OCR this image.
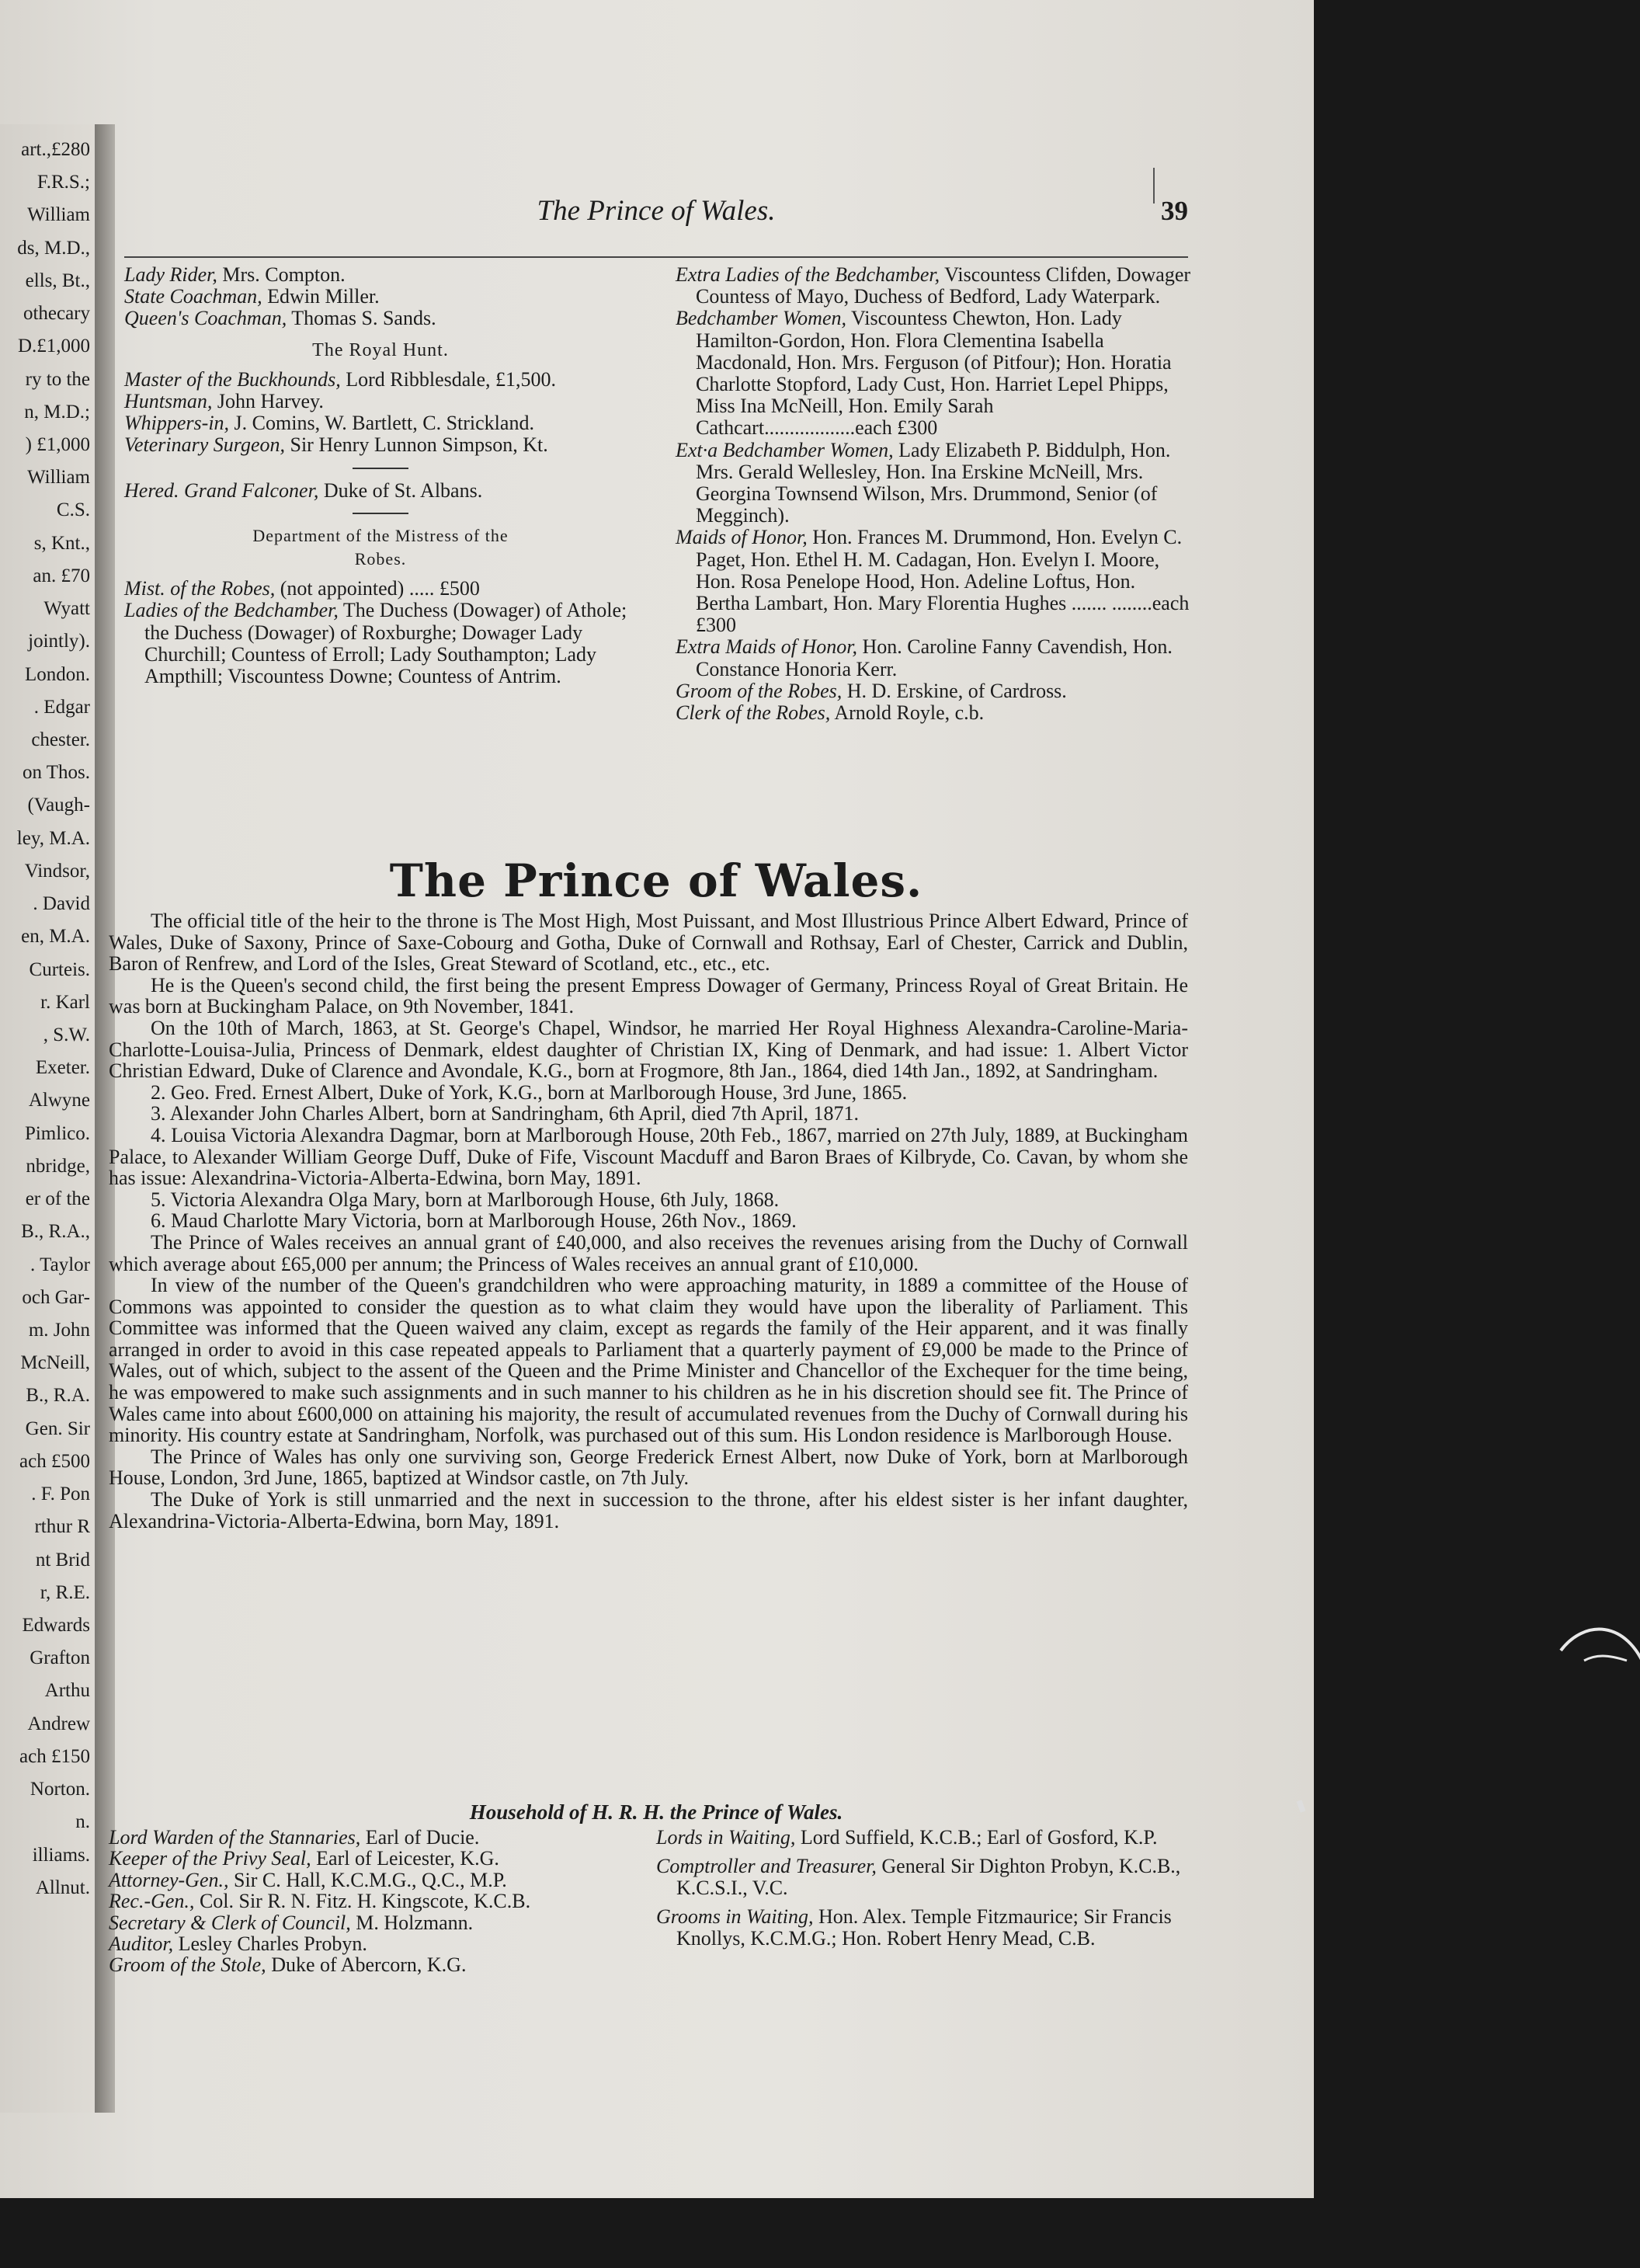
art.,£280
F.R.S.;
William
ds, M.D.,
ells, Bt.,
othecary
D.£1,000
ry to the
n, M.D.;
) £1,000
William
C.S.
s, Knt.,
an. £70
Wyatt
jointly).
London.
. Edgar
chester.
on Thos.
(Vaugh-
ley, M.A.
Vindsor,
. David
en, M.A.
Curteis.
r. Karl
, S.W.
Exeter.
Alwyne
Pimlico.
nbridge,
er of the
B., R.A.,
. Taylor
och Gar-
m. John
McNeill,
B., R.A.
Gen. Sir
ach £500
. F. Pon
rthur R
nt Brid
r, R.E.
Edwards
Grafton
Arthu
Andrew
ach £150
Norton.
n.
illiams.
Allnut.
The Prince of Wales.	39

Lady Rider, Mrs. Compton.

State Coachman, Edwin Miller.

Queen's Coachman, Thomas S. Sands.

The Royal Hunt.

Master of the Buckhounds, Lord Ribblesdale, £1,500.

Huntsman, John Harvey.

Whippers-in, J. Comins, W. Bartlett, C. Strickland.

Veterinary Surgeon, Sir Henry Lunnon Simpson, Kt.

Hered. Grand Falconer, Duke of St. Albans.

Department of the Mistress of the

Robes.

Mist. of the Robes, (not appointed) ..... £500

Ladies of the Bedchamber, The Duchess (Dowager) of Athole; the Duchess (Dowager) of Roxburghe; Dowager Lady Churchill; Countess of Erroll; Lady Southampton; Lady Ampthill; Viscountess Downe; Countess of Antrim.

Extra Ladies of the Bedchamber, Viscountess Clifden, Dowager Countess of Mayo, Duchess of Bedford, Lady Waterpark.

Bedchamber Women, Viscountess Chewton, Hon. Lady Hamilton-Gordon, Hon. Flora Clementina Isabella Macdonald, Hon. Mrs. Ferguson (of Pitfour); Hon. Horatia Charlotte Stopford, Lady Cust, Hon. Harriet Lepel Phipps, Miss Ina McNeill, Hon. Emily Sarah Cathcart..................each £300

Ext·a Bedchamber Women, Lady Elizabeth P. Biddulph, Hon. Mrs. Gerald Wellesley, Hon. Ina Erskine McNeill, Mrs. Georgina Townsend Wilson, Mrs. Drummond, Senior (of Megginch).

Maids of Honor, Hon. Frances M. Drummond, Hon. Evelyn C. Paget, Hon. Ethel H. M. Cadagan, Hon. Evelyn I. Moore, Hon. Rosa Penelope Hood, Hon. Adeline Loftus, Hon. Bertha Lambart, Hon. Mary Florentia Hughes ....... ........each £300

Extra Maids of Honor, Hon. Caroline Fanny Cavendish, Hon. Constance Honoria Kerr.

Groom of the Robes, H. D. Erskine, of Cardross.

Clerk of the Robes, Arnold Royle, c.b.

The Prince of Wales.

The official title of the heir to the throne is The Most High, Most Puissant, and Most Illustrious Prince Albert Edward, Prince of Wales, Duke of Saxony, Prince of Saxe-Cobourg and Gotha, Duke of Cornwall and Rothsay, Earl of Chester, Carrick and Dublin, Baron of Renfrew, and Lord of the Isles, Great Steward of Scotland, etc., etc., etc.

He is the Queen's second child, the first being the present Empress Dowager of Germany, Princess Royal of Great Britain. He was born at Buckingham Palace, on 9th November, 1841.

On the 10th of March, 1863, at St. George's Chapel, Windsor, he married Her Royal Highness Alexandra-Caroline-Maria-Charlotte-Louisa-Julia, Princess of Denmark, eldest daughter of Christian IX, King of Denmark, and had issue: 1. Albert Victor Christian Edward, Duke of Clarence and Avondale, K.G., born at Frogmore, 8th Jan., 1864, died 14th Jan., 1892, at Sandringham.

2. Geo. Fred. Ernest Albert, Duke of York, K.G., born at Marlborough House, 3rd June, 1865.

3. Alexander John Charles Albert, born at Sandringham, 6th April, died 7th April, 1871.

4. Louisa Victoria Alexandra Dagmar, born at Marlborough House, 20th Feb., 1867, married on 27th July, 1889, at Buckingham Palace, to Alexander William George Duff, Duke of Fife, Viscount Macduff and Baron Braes of Kilbryde, Co. Cavan, by whom she has issue: Alexandrina-Victoria-Alberta-Edwina, born May, 1891.

5. Victoria Alexandra Olga Mary, born at Marlborough House, 6th July, 1868.

6. Maud Charlotte Mary Victoria, born at Marlborough House, 26th Nov., 1869.

The Prince of Wales receives an annual grant of £40,000, and also receives the revenues arising from the Duchy of Cornwall which average about £65,000 per annum; the Princess of Wales receives an annual grant of £10,000.

In view of the number of the Queen's grandchildren who were approaching maturity, in 1889 a committee of the House of Commons was appointed to consider the question as to what claim they would have upon the liberality of Parliament. This Committee was informed that the Queen waived any claim, except as regards the family of the Heir apparent, and it was finally arranged in order to avoid in this case repeated appeals to Parliament that a quarterly payment of £9,000 be made to the Prince of Wales, out of which, subject to the assent of the Queen and the Prime Minister and Chancellor of the Exchequer for the time being, he was empowered to make such assignments and in such manner to his children as he in his discretion should see fit. The Prince of Wales came into about £600,000 on attaining his majority, the result of accumulated revenues from the Duchy of Cornwall during his minority. His country estate at Sandringham, Norfolk, was purchased out of this sum. His London residence is Marlborough House.

The Prince of Wales has only one surviving son, George Frederick Ernest Albert, now Duke of York, born at Marlborough House, London, 3rd June, 1865, baptized at Windsor castle, on 7th July.

The Duke of York is still unmarried and the next in succession to the throne, after his eldest sister is her infant daughter, Alexandrina-Victoria-Alberta-Edwina, born May, 1891.

Household of H. R. H. the Prince of Wales.

Lord Warden of the Stannaries, Earl of Ducie.

Keeper of the Privy Seal, Earl of Leicester, K.G.

Attorney-Gen., Sir C. Hall, K.C.M.G., Q.C., M.P.

Rec.-Gen., Col. Sir R. N. Fitz. H. Kingscote, K.C.B.

Secretary & Clerk of Council, M. Holzmann.

Auditor, Lesley Charles Probyn.

Groom of the Stole, Duke of Abercorn, K.G.

Lords in Waiting, Lord Suffield, K.C.B.; Earl of Gosford, K.P.

Comptroller and Treasurer, General Sir Dighton Probyn, K.C.B., K.C.S.I., V.C.

Grooms in Waiting, Hon. Alex. Temple Fitzmaurice; Sir Francis Knollys, K.C.M.G.; Hon. Robert Henry Mead, C.B.
